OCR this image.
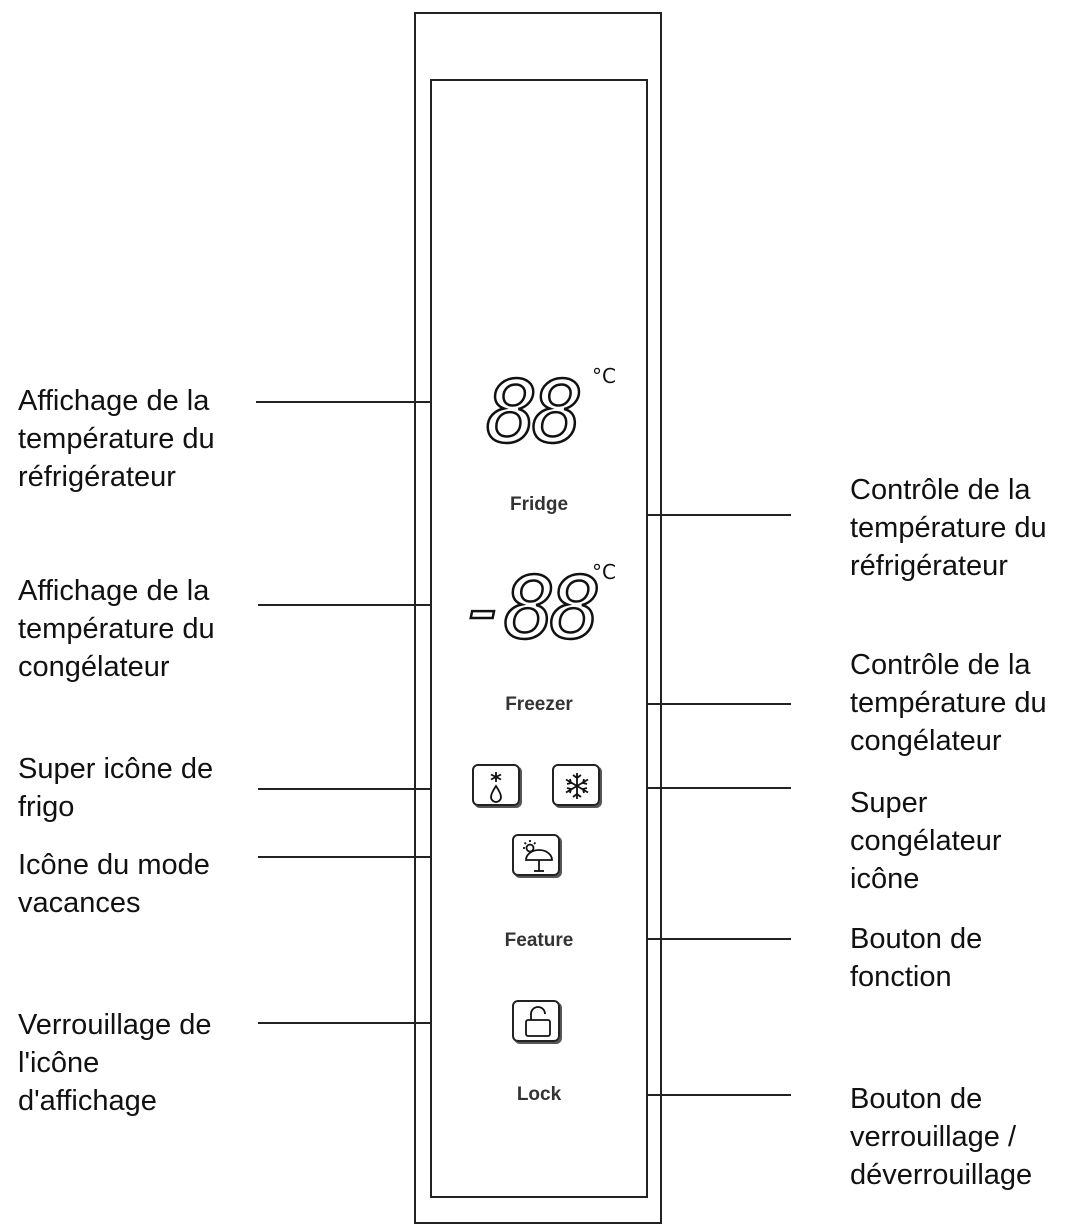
88 °C
Fridge
-88
°C
Freezer
Feature
Lock
Affichage de la
température du
réfrigérateur
Affichage de la
température du
congélateur
Super icône de
frigo
Icône du mode
vacances
Verrouillage de
l'icône
d'affichage
Contrôle de la
température du
réfrigérateur
Contrôle de la
température du
congélateur
Super
congélateur
icône
Bouton de
fonction
Bouton de
verrouillage /
déverrouillage
